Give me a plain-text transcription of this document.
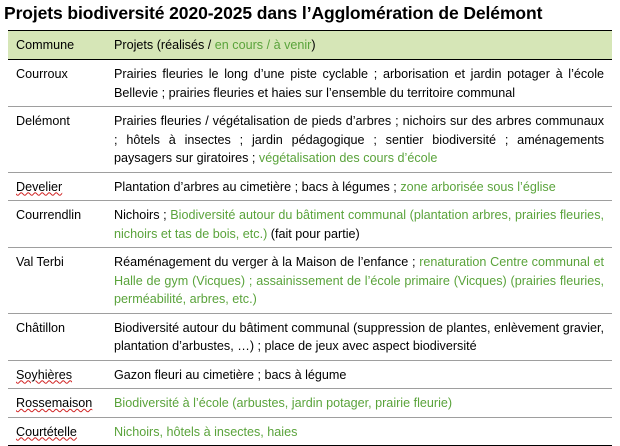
Projets biodiversité 2020-2025 dans l’Agglomération de Delémont
Commune	Projets (réalisés / en cours / à venir)
Courroux	Prairies fleuries le long d’une piste cyclable ; arborisation et jardin potager à l’école Bellevie ; prairies fleuries et haies sur l’ensemble du territoire communal
Delémont	Prairies fleuries / végétalisation de pieds d’arbres ; nichoirs sur des arbres communaux ; hôtels à insectes ; jardin pédagogique ; sentier biodiversité ; aménagements paysagers sur giratoires ; végétalisation des cours d’école
Develier	Plantation d’arbres au cimetière ; bacs à légumes ; zone arborisée sous l’église
Courrendlin	Nichoirs ; Biodiversité autour du bâtiment communal (plantation arbres, prairies fleuries, nichoirs et tas de bois, etc.) (fait pour partie)
Val Terbi	Réaménagement du verger à la Maison de l’enfance ; renaturation Centre communal et Halle de gym (Vicques) ; assainissement de l’école primaire (Vicques) (prairies fleuries, perméabilité, arbres, etc.)
Châtillon	Biodiversité autour du bâtiment communal (suppression de plantes, enlèvement gravier, plantation d’arbustes, …) ; place de jeux avec aspect biodiversité
Soyhières	Gazon fleuri au cimetière ; bacs à légume
Rossemaison	Biodiversité à l’école (arbustes, jardin potager, prairie fleurie)
Courtételle	Nichoirs, hôtels à insectes, haies
